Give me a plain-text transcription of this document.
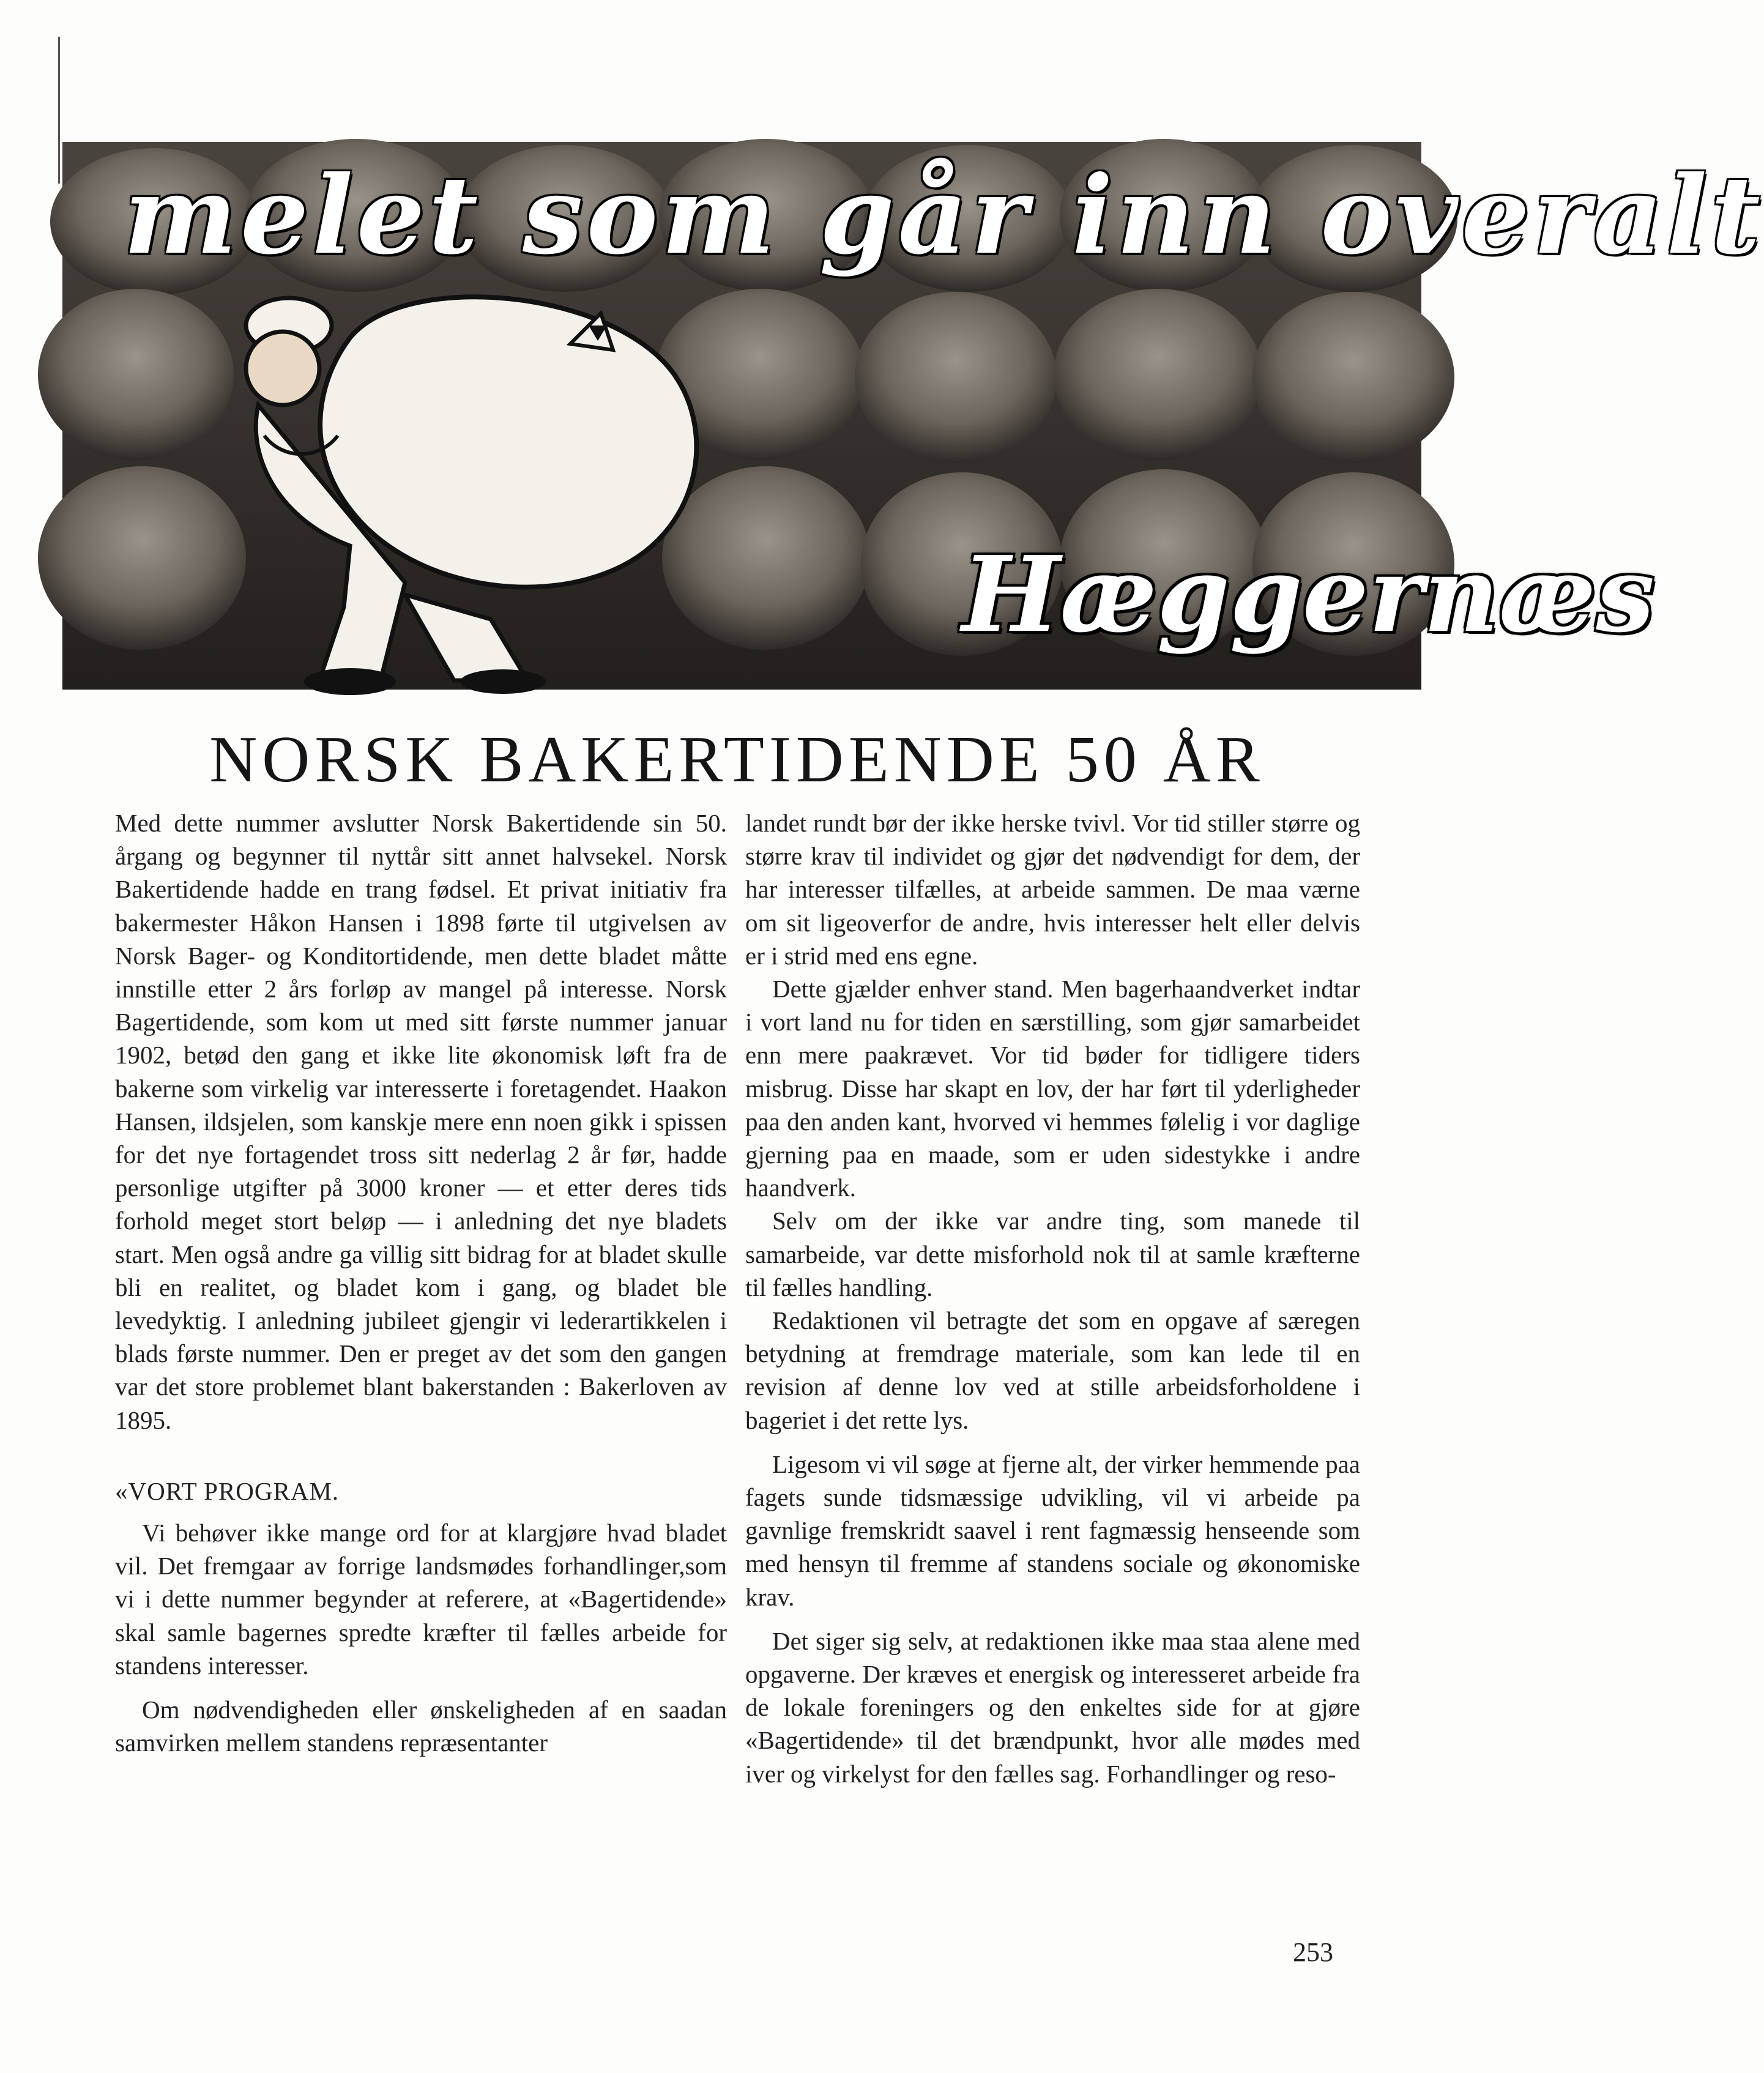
melet som går inn overalt
Hæggernæs
NORSK BAKERTIDENDE 50 ÅR

Med dette nummer avslutter Norsk Bakertidende sin 50. årgang og begynner til nyttår sitt annet halvsekel. Norsk Bakertidende hadde en trang fødsel. Et privat initiativ fra bakermester Håkon Hansen i 1898 førte til utgivelsen av Norsk Bager- og Konditortidende, men dette bladet måtte innstille etter 2 års forløp av mangel på interesse. Norsk Bagertidende, som kom ut med sitt første nummer januar 1902, betød den gang et ikke lite økonomisk løft fra de bakerne som virkelig var interesserte i foretagendet. Haakon Hansen, ildsjelen, som kanskje mere enn noen gikk i spissen for det nye fortagendet tross sitt nederlag 2 år før, hadde personlige utgifter på 3000 kroner — et etter deres tids forhold meget stort beløp — i anledning det nye bladets start. Men også andre ga villig sitt bidrag for at bladet skulle bli en realitet, og bladet kom i gang, og bladet ble levedyktig. I anledning jubileet gjengir vi lederartikkelen i blads første nummer. Den er preget av det som den gangen var det store problemet blant bakerstanden : Bakerloven av 1895.

«VORT PROGRAM.

Vi behøver ikke mange ord for at klargjøre hvad bladet vil. Det fremgaar av forrige landsmødes forhandlinger,som vi i dette nummer begynder at referere, at «Bagertidende» skal samle bagernes spredte kræfter til fælles arbeide for standens interesser.

Om nødvendigheden eller ønskeligheden af en saadan samvirken mellem standens repræsentanter

landet rundt bør der ikke herske tvivl. Vor tid stiller større og større krav til individet og gjør det nødvendigt for dem, der har interesser tilfælles, at arbeide sammen. De maa værne om sit ligeoverfor de andre, hvis interesser helt eller delvis er i strid med ens egne.

Dette gjælder enhver stand. Men bagerhaandverket indtar i vort land nu for tiden en særstilling, som gjør samarbeidet enn mere paakrævet. Vor tid bøder for tidligere tiders misbrug. Disse har skapt en lov, der har ført til yderligheder paa den anden kant, hvorved vi hemmes følelig i vor daglige gjerning paa en maade, som er uden sidestykke i andre haandverk.

Selv om der ikke var andre ting, som manede til samarbeide, var dette misforhold nok til at samle kræfterne til fælles handling.

Redaktionen vil betragte det som en opgave af særegen betydning at fremdrage materiale, som kan lede til en revision af denne lov ved at stille arbeidsforholdene i bageriet i det rette lys.

Ligesom vi vil søge at fjerne alt, der virker hemmende paa fagets sunde tidsmæssige udvikling, vil vi arbeide pa gavnlige fremskridt saavel i rent fagmæssig henseende som med hensyn til fremme af standens sociale og økonomiske krav.

Det siger sig selv, at redaktionen ikke maa staa alene med opgaverne. Der kræves et energisk og interesseret arbeide fra de lokale foreningers og den enkeltes side for at gjøre «Bagertidende» til det brændpunkt, hvor alle mødes med iver og virkelyst for den fælles sag. Forhandlinger og reso-

253
